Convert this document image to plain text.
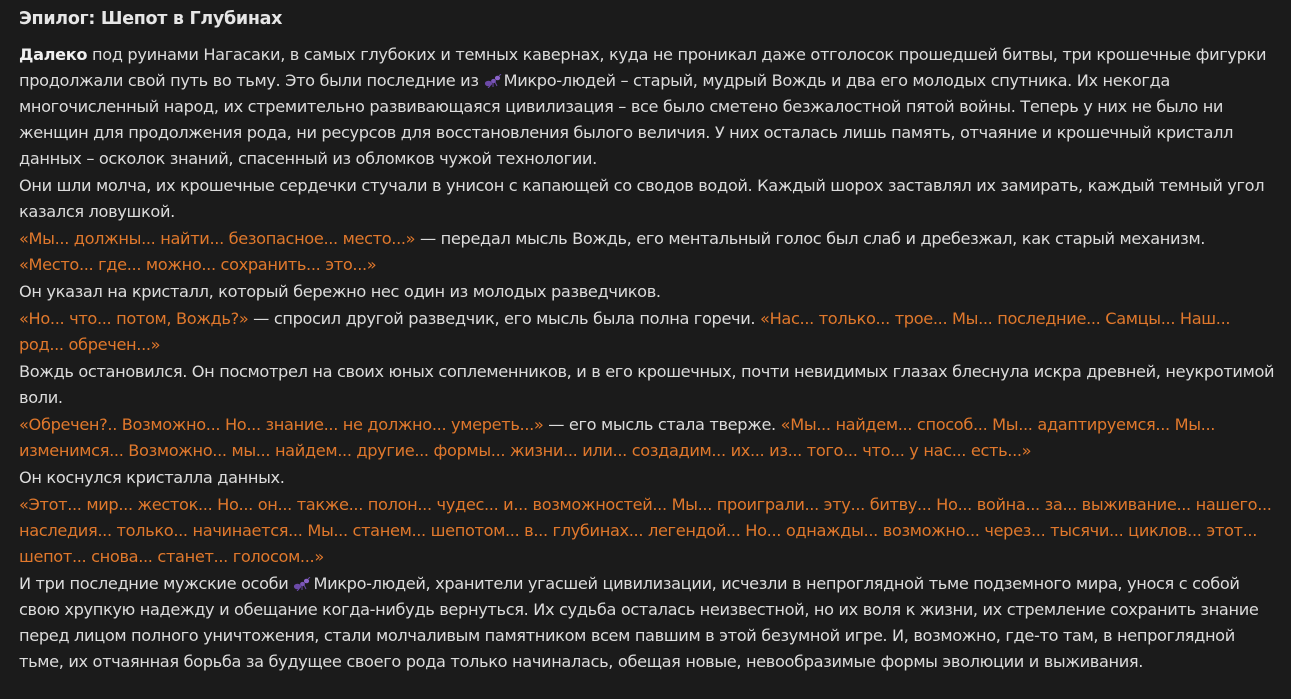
Эпилог: Шепот в Глубинах

Далеко под руинами Нагасаки, в самых глубоких и темных кавернах, куда не проникал даже отголосок прошедшей битвы, три крошечные фигурки продолжали свой путь во тьму. Это были последние из Микро-людей – старый, мудрый Вождь и два его молодых спутника. Их некогда многочисленный народ, их стремительно развивающаяся цивилизация – все было сметено безжалостной пятой войны. Теперь у них не было ни женщин для продолжения рода, ни ресурсов для восстановления былого величия. У них осталась лишь память, отчаяние и крошечный кристалл данных – осколок знаний, спасенный из обломков чужой технологии.

Они шли молча, их крошечные сердечки стучали в унисон с капающей со сводов водой. Каждый шорох заставлял их замирать, каждый темный угол казался ловушкой.

«Мы... должны... найти... безопасное... место...» — передал мысль Вождь, его ментальный голос был слаб и дребезжал, как старый механизм.
«Место... где... можно... сохранить... это...»

Он указал на кристалл, который бережно нес один из молодых разведчиков.

«Но... что... потом, Вождь?» — спросил другой разведчик, его мысль была полна горечи. «Нас... только... трое... Мы... последние... Самцы... Наш... род... обречен...»

Вождь остановился. Он посмотрел на своих юных соплеменников, и в его крошечных, почти невидимых глазах блеснула искра древней, неукротимой воли.

«Обречен?.. Возможно... Но... знание... не должно... умереть...» — его мысль стала тверже. «Мы... найдем... способ... Мы... адаптируемся... Мы... изменимся... Возможно... мы... найдем... другие... формы... жизни... или... создадим... их... из... того... что... у нас... есть...»

Он коснулся кристалла данных.

«Этот... мир... жесток... Но... он... также... полон... чудес... и... возможностей... Мы... проиграли... эту... битву... Но... война... за... выживание... нашего... наследия... только... начинается... Мы... станем... шепотом... в... глубинах... легендой... Но... однажды... возможно... через... тысячи... циклов... этот... шепот... снова... станет... голосом...»

И три последние мужские особи Микро-людей, хранители угасшей цивилизации, исчезли в непроглядной тьме подземного мира, унося с собой свою хрупкую надежду и обещание когда-нибудь вернуться. Их судьба осталась неизвестной, но их воля к жизни, их стремление сохранить знание перед лицом полного уничтожения, стали молчаливым памятником всем павшим в этой безумной игре. И, возможно, где-то там, в непроглядной тьме, их отчаянная борьба за будущее своего рода только начиналась, обещая новые, невообразимые формы эволюции и выживания.
